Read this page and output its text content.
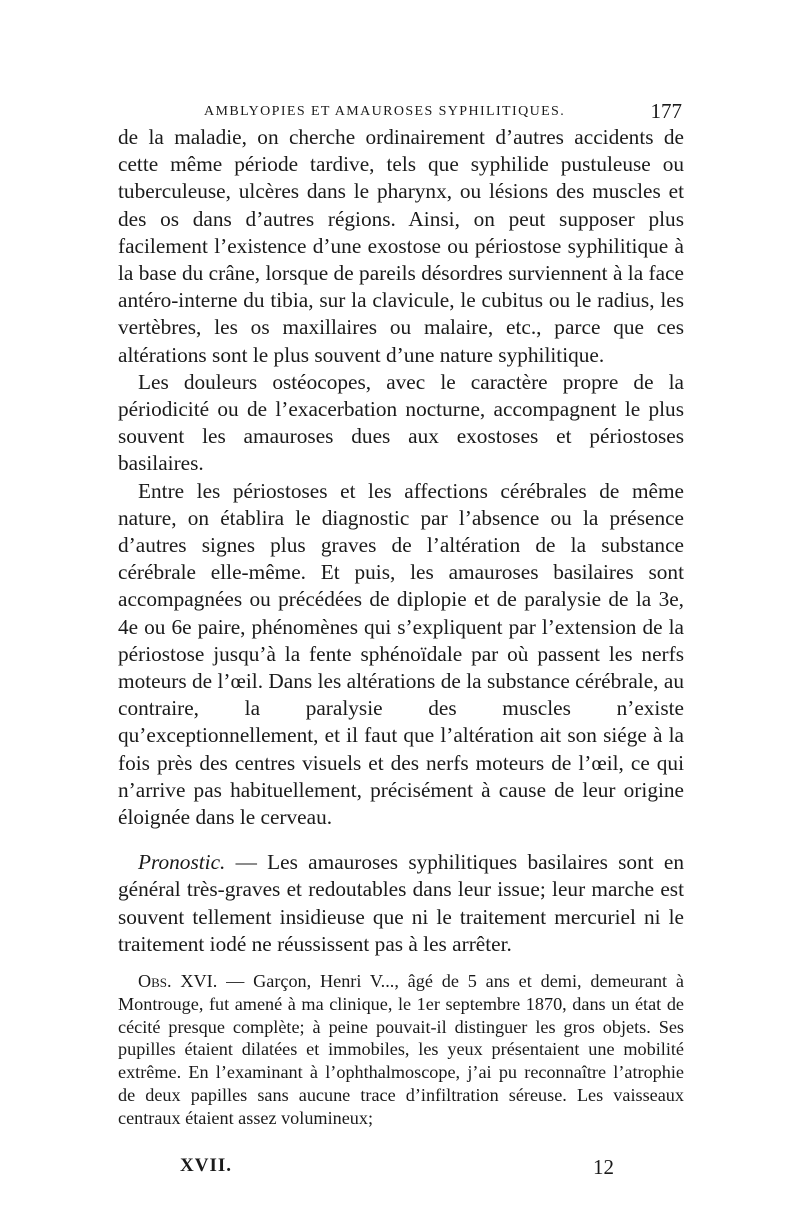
AMBLYOPIES ET AMAUROSES SYPHILITIQUES.	177

de la maladie, on cherche ordinairement d’autres accidents de cette même période tardive, tels que syphilide pustuleuse ou tuberculeuse, ulcères dans le pharynx, ou lésions des muscles et des os dans d’autres régions. Ainsi, on peut supposer plus facilement l’existence d’une exostose ou périostose syphilitique à la base du crâne, lorsque de pareils désordres surviennent à la face antéro-interne du tibia, sur la clavicule, le cubitus ou le radius, les vertèbres, les os maxillaires ou malaire, etc., parce que ces altérations sont le plus souvent d’une nature syphilitique.

Les douleurs ostéocopes, avec le caractère propre de la périodicité ou de l’exacerbation nocturne, accompagnent le plus souvent les amauroses dues aux exostoses et périostoses basilaires.

Entre les périostoses et les affections cérébrales de même nature, on établira le diagnostic par l’absence ou la présence d’autres signes plus graves de l’altération de la substance cérébrale elle-même. Et puis, les amauroses basilaires sont accompagnées ou précédées de diplopie et de paralysie de la 3e, 4e ou 6e paire, phénomènes qui s’expliquent par l’extension de la périostose jusqu’à la fente sphénoïdale par où passent les nerfs moteurs de l’œil. Dans les altérations de la substance cérébrale, au contraire, la paralysie des muscles n’existe qu’exceptionnellement, et il faut que l’altération ait son siége à la fois près des centres visuels et des nerfs moteurs de l’œil, ce qui n’arrive pas habituellement, précisément à cause de leur origine éloignée dans le cerveau.

Pronostic. — Les amauroses syphilitiques basilaires sont en général très-graves et redoutables dans leur issue; leur marche est souvent tellement insidieuse que ni le traitement mercuriel ni le traitement iodé ne réussissent pas à les arrêter.

Obs. XVI. — Garçon, Henri V..., âgé de 5 ans et demi, demeurant à Montrouge, fut amené à ma clinique, le 1er septembre 1870, dans un état de cécité presque complète; à peine pouvait-il distinguer les gros objets. Ses pupilles étaient dilatées et immobiles, les yeux présentaient une mobilité extrême. En l’examinant à l’ophthalmoscope, j’ai pu reconnaître l’atrophie de deux papilles sans aucune trace d’infiltration séreuse. Les vaisseaux centraux étaient assez volumineux;

XVII.	12
